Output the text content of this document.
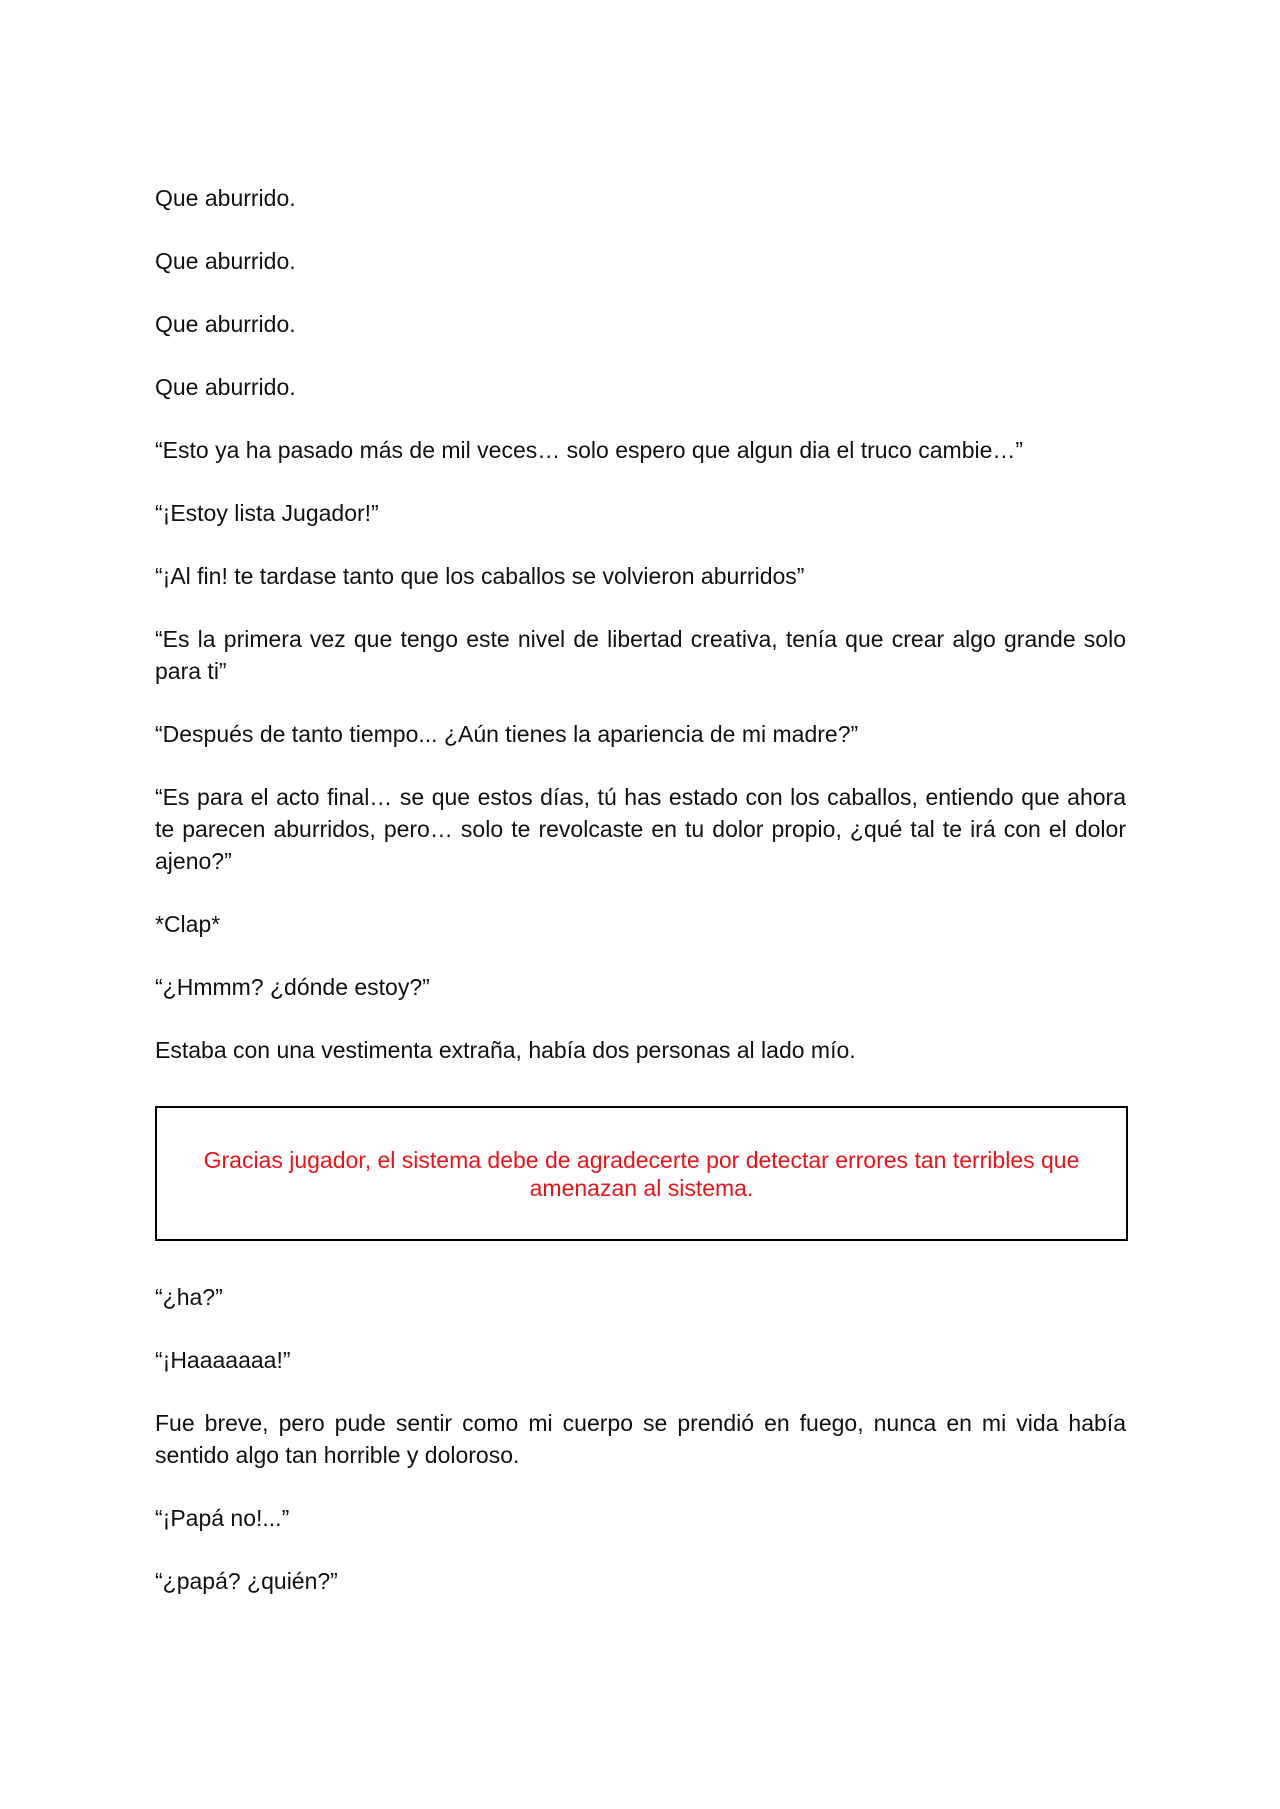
Que aburrido.

Que aburrido.

Que aburrido.

Que aburrido.

“Esto ya ha pasado más de mil veces… solo espero que algun dia el truco cambie…”

“¡Estoy lista Jugador!”

“¡Al fin! te tardase tanto que los caballos se volvieron aburridos”

“Es la primera vez que tengo este nivel de libertad creativa, tenía que crear algo grande solo para ti”

“Después de tanto tiempo... ¿Aún tienes la apariencia de mi madre?”

“Es para el acto final… se que estos días, tú has estado con los caballos, entiendo que ahora te parecen aburridos, pero… solo te revolcaste en tu dolor propio, ¿qué tal te irá con el dolor ajeno?”

*Clap*

“¿Hmmm? ¿dónde estoy?”

Estaba con una vestimenta extraña, había dos personas al lado mío.

Gracias jugador, el sistema debe de agradecerte por detectar errores tan terribles que amenazan al sistema.

“¿ha?”

“¡Haaaaaaa!”

Fue breve, pero pude sentir como mi cuerpo se prendió en fuego, nunca en mi vida había sentido algo tan horrible y doloroso.

“¡Papá no!...”

“¿papá? ¿quién?”
